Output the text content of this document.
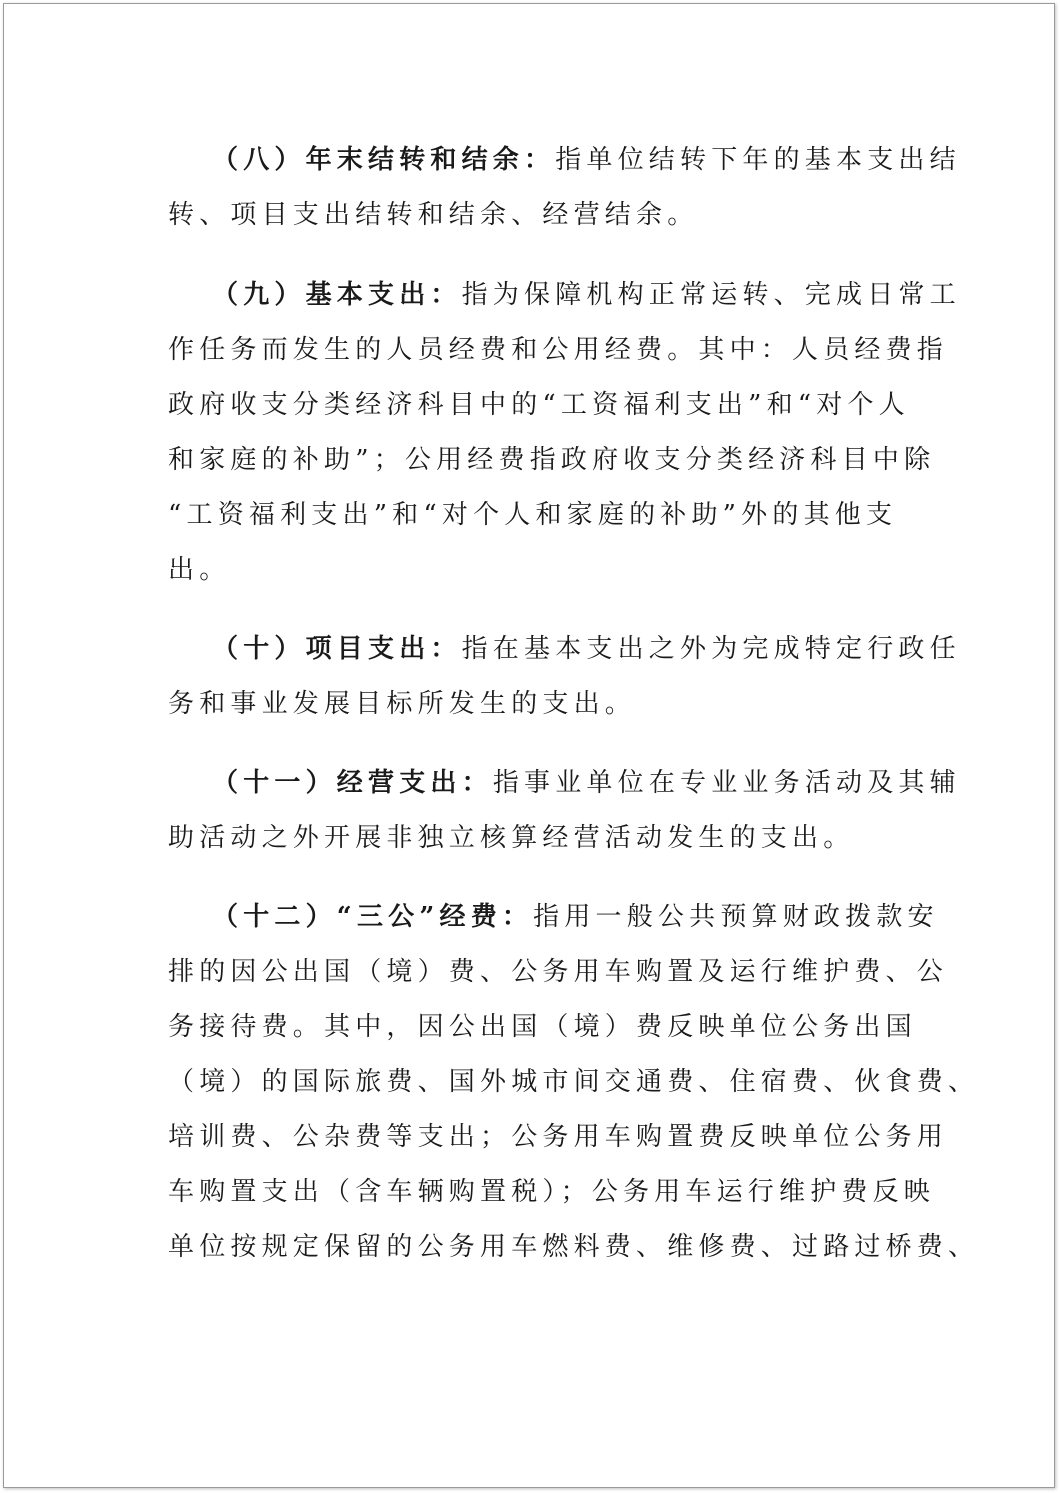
（八）年末结转和结余：指单位结转下年的基本支出结
转、项目支出结转和结余、经营结余。
（九）基本支出：指为保障机构正常运转、完成日常工
作任务而发生的人员经费和公用经费。其中：人员经费指
政府收支分类经济科目中的“工资福利支出”和“对个人
和家庭的补助”；公用经费指政府收支分类经济科目中除
“工资福利支出”和“对个人和家庭的补助”外的其他支
出。
（十）项目支出：指在基本支出之外为完成特定行政任
务和事业发展目标所发生的支出。
（十一）经营支出：指事业单位在专业业务活动及其辅
助活动之外开展非独立核算经营活动发生的支出。
（十二）“三公”经费：指用一般公共预算财政拨款安
排的因公出国（境）费、公务用车购置及运行维护费、公
务接待费。其中，因公出国（境）费反映单位公务出国
（境）的国际旅费、国外城市间交通费、住宿费、伙食费、
培训费、公杂费等支出；公务用车购置费反映单位公务用
车购置支出（含车辆购置税）；公务用车运行维护费反映
单位按规定保留的公务用车燃料费、维修费、过路过桥费、
